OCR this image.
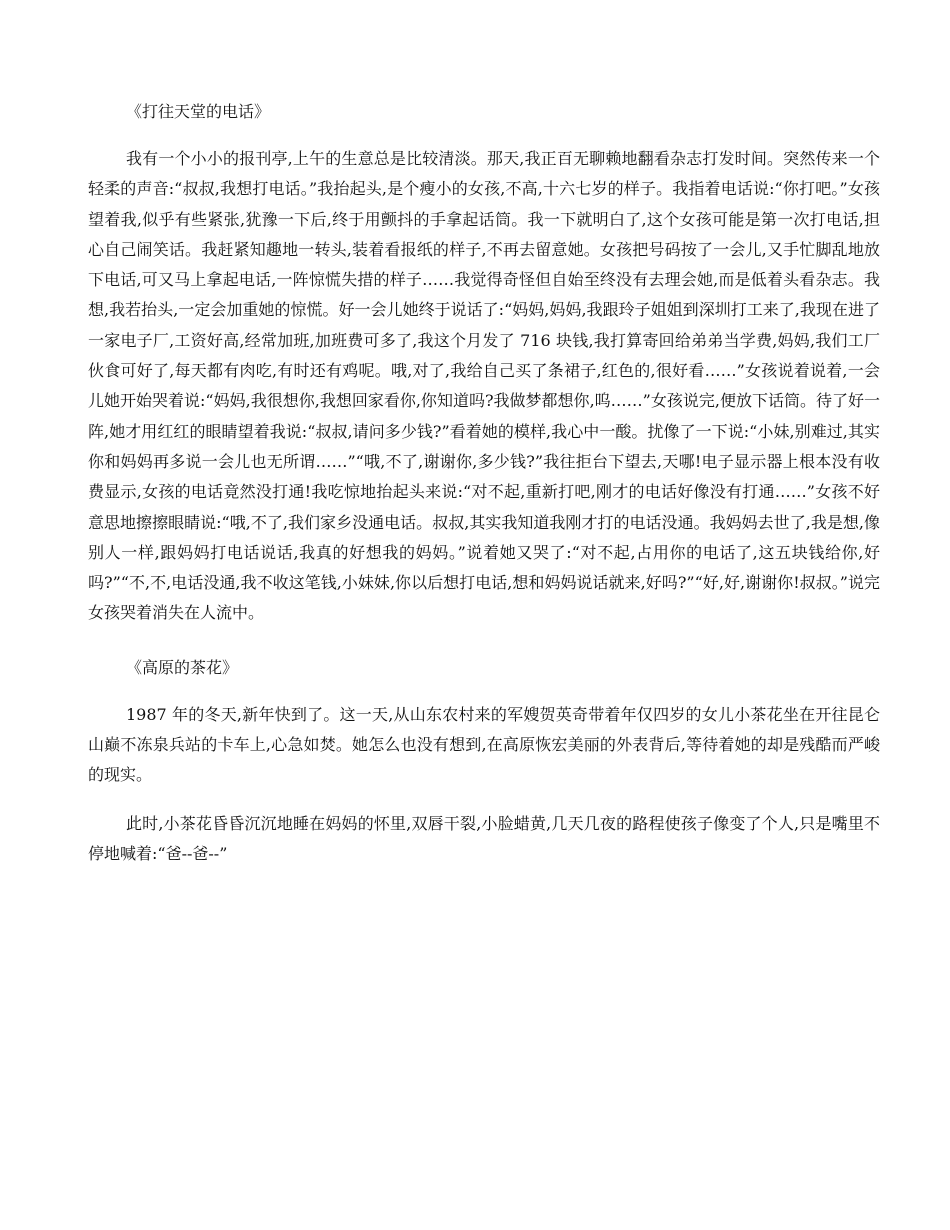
《打往天堂的电话》

我有一个小小的报刊亭,上午的生意总是比较清淡。那天,我正百无聊赖地翻看杂志打发时间。突然传来一个轻柔的声音:“叔叔,我想打电话。”我抬起头,是个瘦小的女孩,不高,十六七岁的样子。我指着电话说:“你打吧。”女孩望着我,似乎有些紧张,犹豫一下后,终于用颤抖的手拿起话筒。我一下就明白了,这个女孩可能是第一次打电话,担心自己闹笑话。我赶紧知趣地一转头,装着看报纸的样子,不再去留意她。女孩把号码按了一会儿,又手忙脚乱地放下电话,可又马上拿起电话,一阵惊慌失措的样子……我觉得奇怪但自始至终没有去理会她,而是低着头看杂志。我想,我若抬头,一定会加重她的惊慌。好一会儿她终于说话了:“妈妈,妈妈,我跟玲子姐姐到深圳打工来了,我现在进了一家电子厂,工资好高,经常加班,加班费可多了,我这个月发了 716 块钱,我打算寄回给弟弟当学费,妈妈,我们工厂伙食可好了,每天都有肉吃,有时还有鸡呢。哦,对了,我给自己买了条裙子,红色的,很好看……”女孩说着说着,一会儿她开始哭着说:“妈妈,我很想你,我想回家看你,你知道吗?我做梦都想你,呜……”女孩说完,便放下话筒。待了好一阵,她才用红红的眼睛望着我说:“叔叔,请问多少钱?”看着她的模样,我心中一酸。扰像了一下说:“小妹,别难过,其实你和妈妈再多说一会儿也无所谓……”“哦,不了,谢谢你,多少钱?”我往拒台下望去,天哪!电子显示器上根本没有收费显示,女孩的电话竟然没打通!我吃惊地抬起头来说:“对不起,重新打吧,刚才的电话好像没有打通……”女孩不好意思地擦擦眼睛说:“哦,不了,我们家乡没通电话。叔叔,其实我知道我刚才打的电话没通。我妈妈去世了,我是想,像别人一样,跟妈妈打电话说话,我真的好想我的妈妈。”说着她又哭了:“对不起,占用你的电话了,这五块钱给你,好吗?”“不,不,电话没通,我不收这笔钱,小妹妹,你以后想打电话,想和妈妈说话就来,好吗?”“好,好,谢谢你!叔叔。”说完女孩哭着消失在人流中。

《高原的茶花》

1987 年的冬天,新年快到了。这一天,从山东农村来的军嫂贺英奇带着年仅四岁的女儿小茶花坐在开往昆仑山巅不冻泉兵站的卡车上,心急如焚。她怎么也没有想到,在高原恢宏美丽的外表背后,等待着她的却是残酷而严峻的现实。

此时,小茶花昏昏沉沉地睡在妈妈的怀里,双唇干裂,小脸蜡黄,几天几夜的路程使孩子像变了个人,只是嘴里不停地喊着:“爸--爸--”
